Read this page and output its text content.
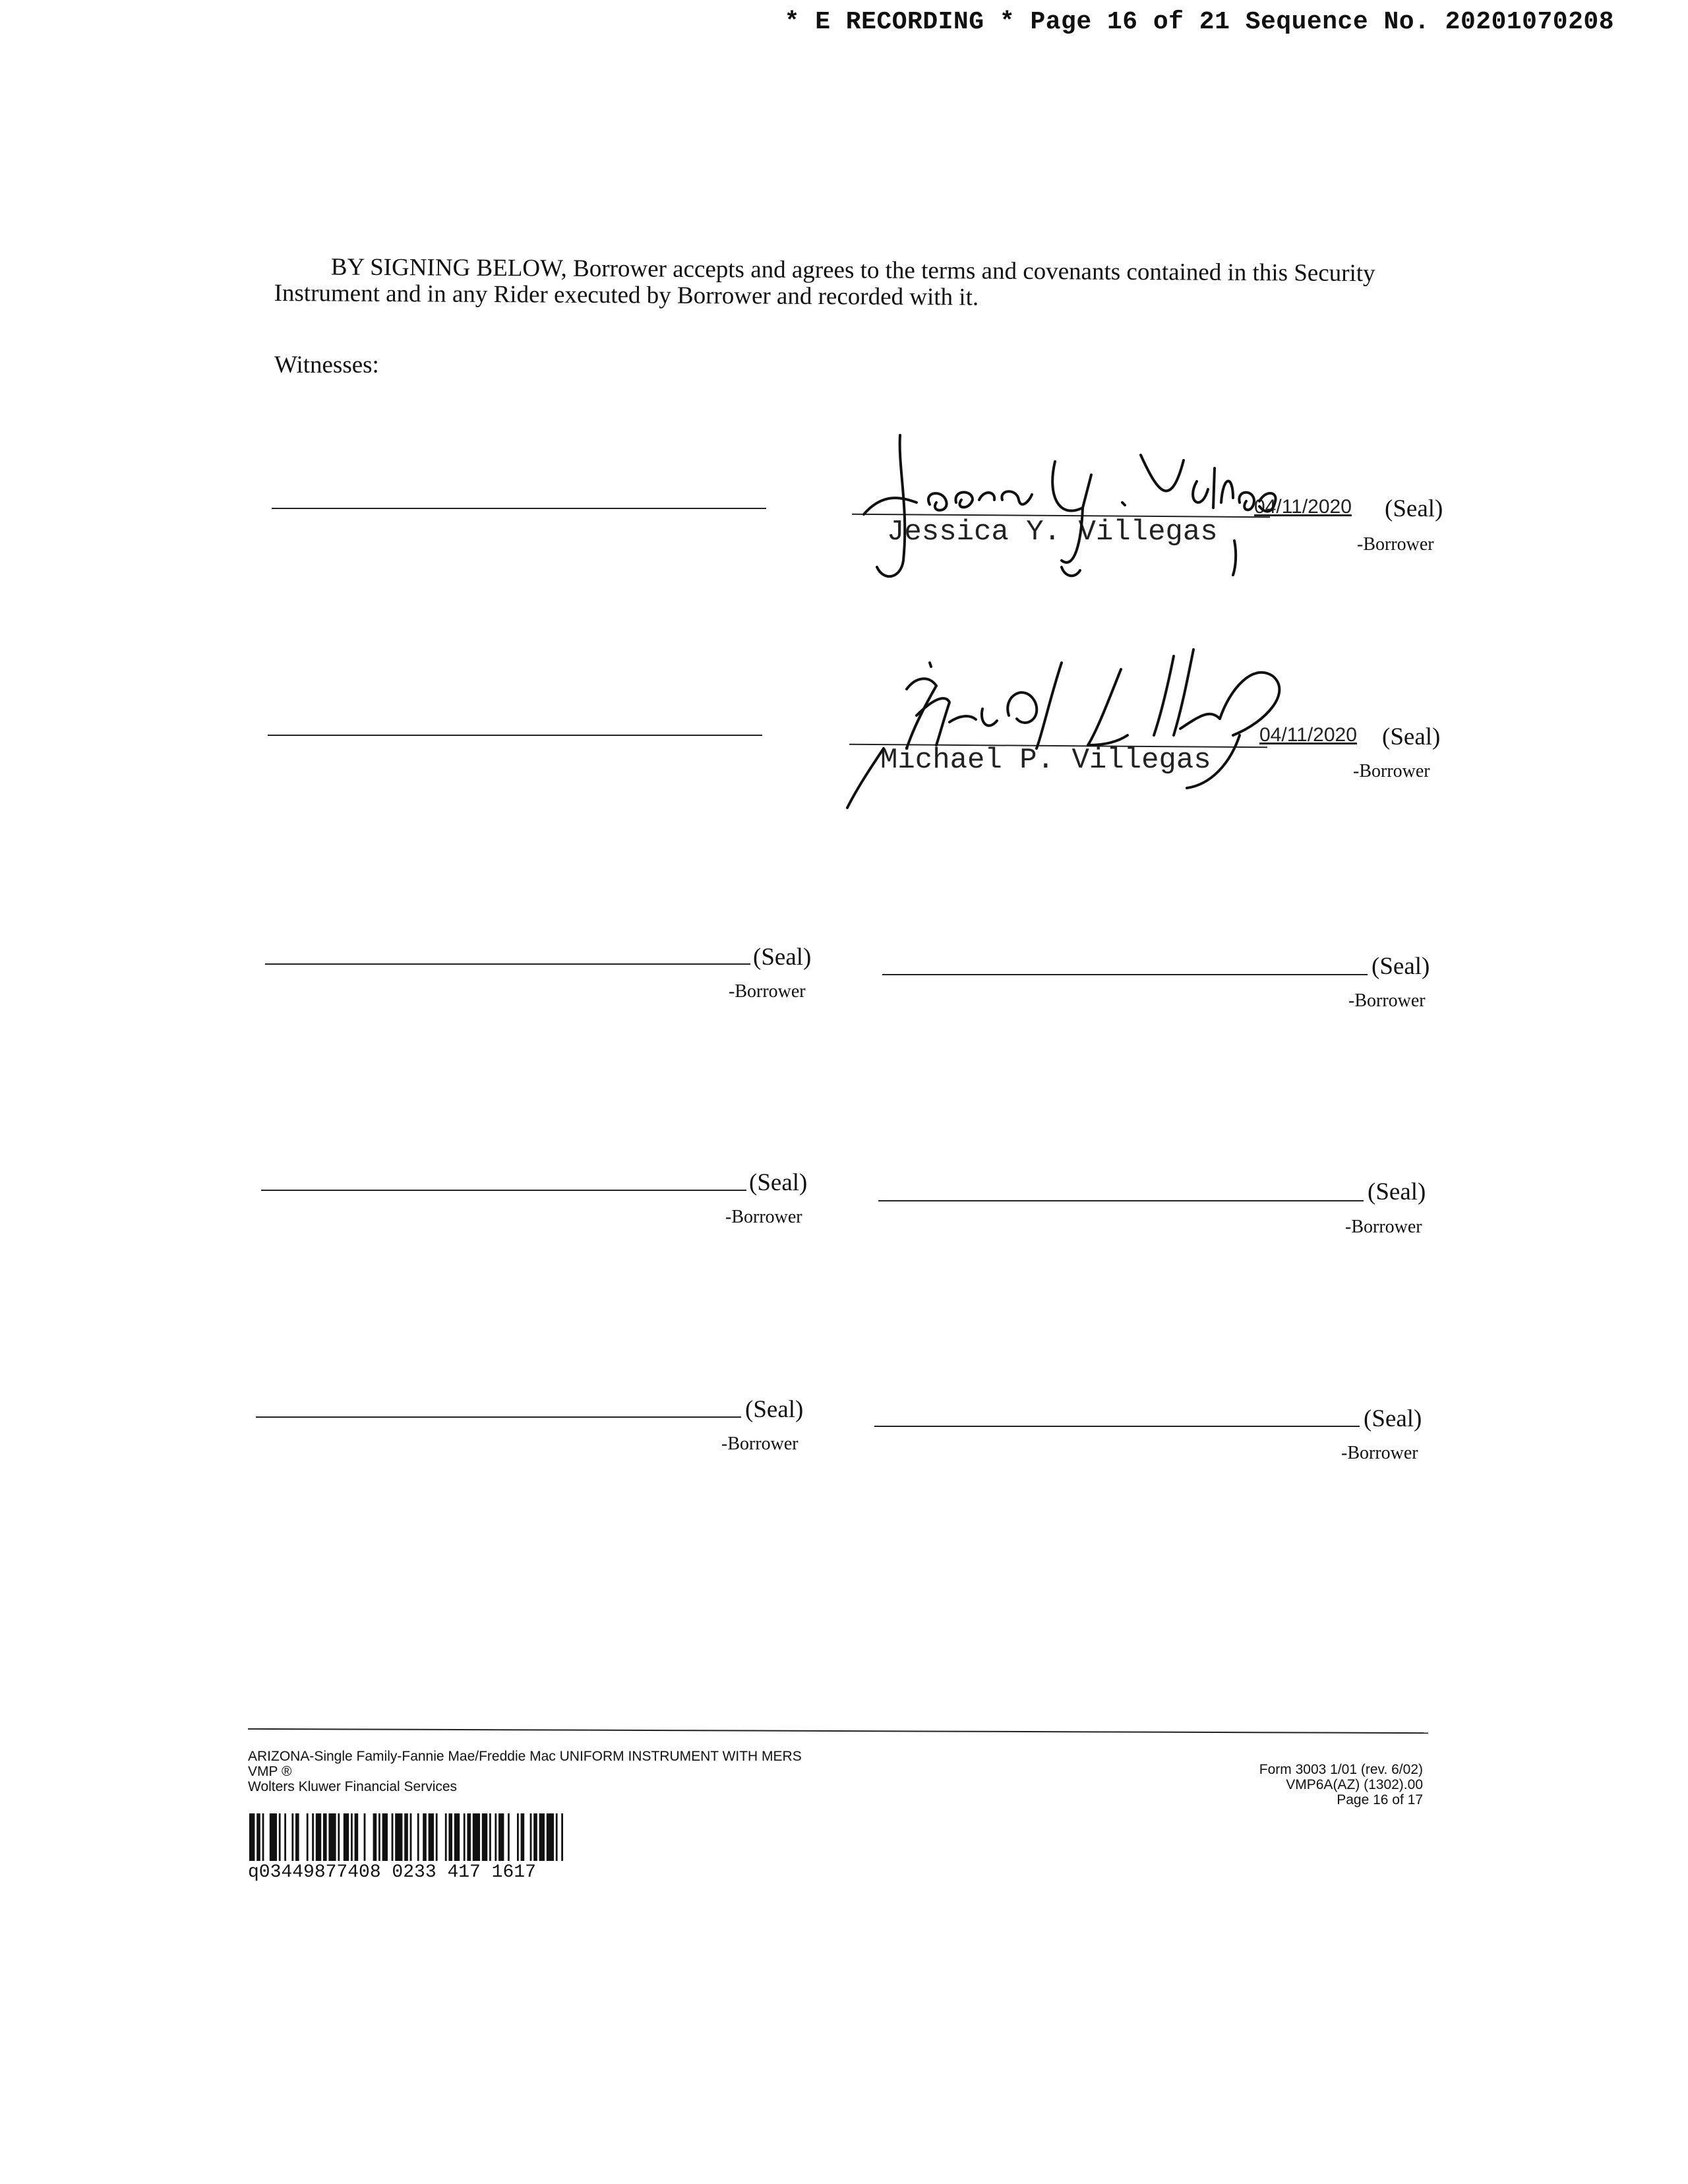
* E RECORDING * Page 16 of 21 Sequence No. 20201070208
BY SIGNING BELOW, Borrower accepts and agrees to the terms and covenants contained in this Security Instrument and in any Rider executed by Borrower and recorded with it.
Witnesses:
Jessica Y. Villegas
04/11/2020 (Seal)
-Borrower
Michael P. Villegas
04/11/2020 (Seal)
-Borrower
(Seal)
-Borrower
(Seal)
-Borrower
(Seal)
-Borrower
(Seal)
-Borrower
(Seal)
-Borrower
(Seal)
-Borrower
ARIZONA-Single Family-Fannie Mae/Freddie Mac UNIFORM INSTRUMENT WITH MERS
VMP ®
Wolters Kluwer Financial Services
Form 3003 1/01 (rev. 6/02)
VMP6A(AZ) (1302).00
Page 16 of 17
q03449877408 0233 417 1617
